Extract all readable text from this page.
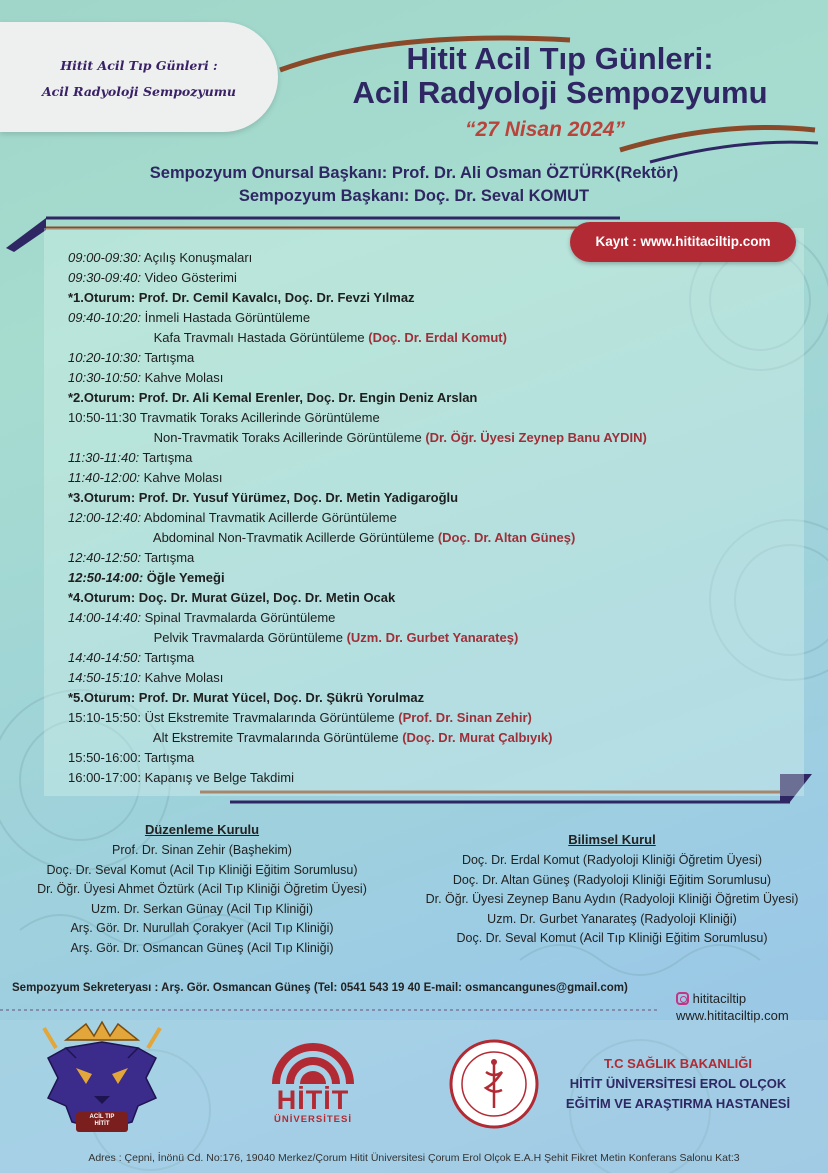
Hitit Acil Tıp Günleri :
Acil Radyoloji Sempozyumu
Hitit Acil Tıp Günleri:
Acil Radyoloji Sempozyumu
“27 Nisan 2024”
Sempozyum Onursal Başkanı: Prof. Dr. Ali Osman ÖZTÜRK(Rektör)
Sempozyum Başkanı: Doç. Dr. Seval KOMUT
Kayıt : www.hititaciltip.com
09:00-09:30: Açılış Konuşmaları
09:30-09:40: Video Gösterimi
*1.Oturum: Prof. Dr. Cemil Kavalcı, Doç. Dr. Fevzi Yılmaz
09:40-10:20: İnmeli Hastada Görüntüleme
Kafa Travmalı Hastada Görüntüleme (Doç. Dr. Erdal Komut)
10:20-10:30: Tartışma
10:30-10:50: Kahve Molası
*2.Oturum: Prof. Dr. Ali Kemal Erenler, Doç. Dr. Engin Deniz Arslan
10:50-11:30 Travmatik Toraks Acillerinde Görüntüleme
Non-Travmatik Toraks Acillerinde Görüntüleme (Dr. Öğr. Üyesi Zeynep Banu AYDIN)
11:30-11:40: Tartışma
11:40-12:00: Kahve Molası
*3.Oturum: Prof. Dr. Yusuf Yürümez, Doç. Dr. Metin Yadigaroğlu
12:00-12:40: Abdominal Travmatik Acillerde Görüntüleme
Abdominal Non-Travmatik Acillerde Görüntüleme (Doç. Dr. Altan Güneş)
12:40-12:50: Tartışma
12:50-14:00: Öğle Yemeği
*4.Oturum: Doç. Dr. Murat Güzel, Doç. Dr. Metin Ocak
14:00-14:40: Spinal Travmalarda Görüntüleme
Pelvik Travmalarda Görüntüleme (Uzm. Dr. Gurbet Yanarateş)
14:40-14:50: Tartışma
14:50-15:10: Kahve Molası
*5.Oturum: Prof. Dr. Murat Yücel, Doç. Dr. Şükrü Yorulmaz
15:10-15:50: Üst Ekstremite Travmalarında Görüntüleme (Prof. Dr. Sinan Zehir)
Alt Ekstremite Travmalarında Görüntüleme (Doç. Dr. Murat Çalbıyık)
15:50-16:00: Tartışma
16:00-17:00: Kapanış ve Belge Takdimi
Düzenleme Kurulu
Prof. Dr. Sinan Zehir (Başhekim)
Doç. Dr. Seval Komut (Acil Tıp Kliniği Eğitim Sorumlusu)
Dr. Öğr. Üyesi Ahmet Öztürk (Acil Tıp Kliniği Öğretim Üyesi)
Uzm. Dr. Serkan Günay (Acil Tıp Kliniği)
Arş. Gör. Dr. Nurullah Çorakyer (Acil Tıp Kliniği)
Arş. Gör. Dr. Osmancan Güneş (Acil Tıp Kliniği)
Bilimsel Kurul
Doç. Dr. Erdal Komut (Radyoloji Kliniği Öğretim Üyesi)
Doç. Dr. Altan Güneş (Radyoloji Kliniği Eğitim Sorumlusu)
Dr. Öğr. Üyesi Zeynep Banu Aydın (Radyoloji Kliniği Öğretim Üyesi)
Uzm. Dr. Gurbet Yanarateş (Radyoloji Kliniği)
Doç. Dr. Seval Komut (Acil Tıp Kliniği Eğitim Sorumlusu)
Sempozyum Sekreteryası : Arş. Gör. Osmancan Güneş (Tel: 0541 543 19 40 E-mail: osmancangunes@gmail.com)
hititaciltip
www.hititaciltip.com
ACİL TIP
HİTİT
HİTİT
ÜNİVERSİTESİ
T.C SAĞLIK BAKANLIĞI
HİTİT ÜNİVERSİTESİ EROL OLÇOK
EĞİTİM VE ARAŞTIRMA HASTANESİ
Adres : Çepni, İnönü Cd. No:176, 19040 Merkez/Çorum Hitit Üniversitesi Çorum Erol Olçok E.A.H Şehit Fikret Metin Konferans Salonu Kat:3
